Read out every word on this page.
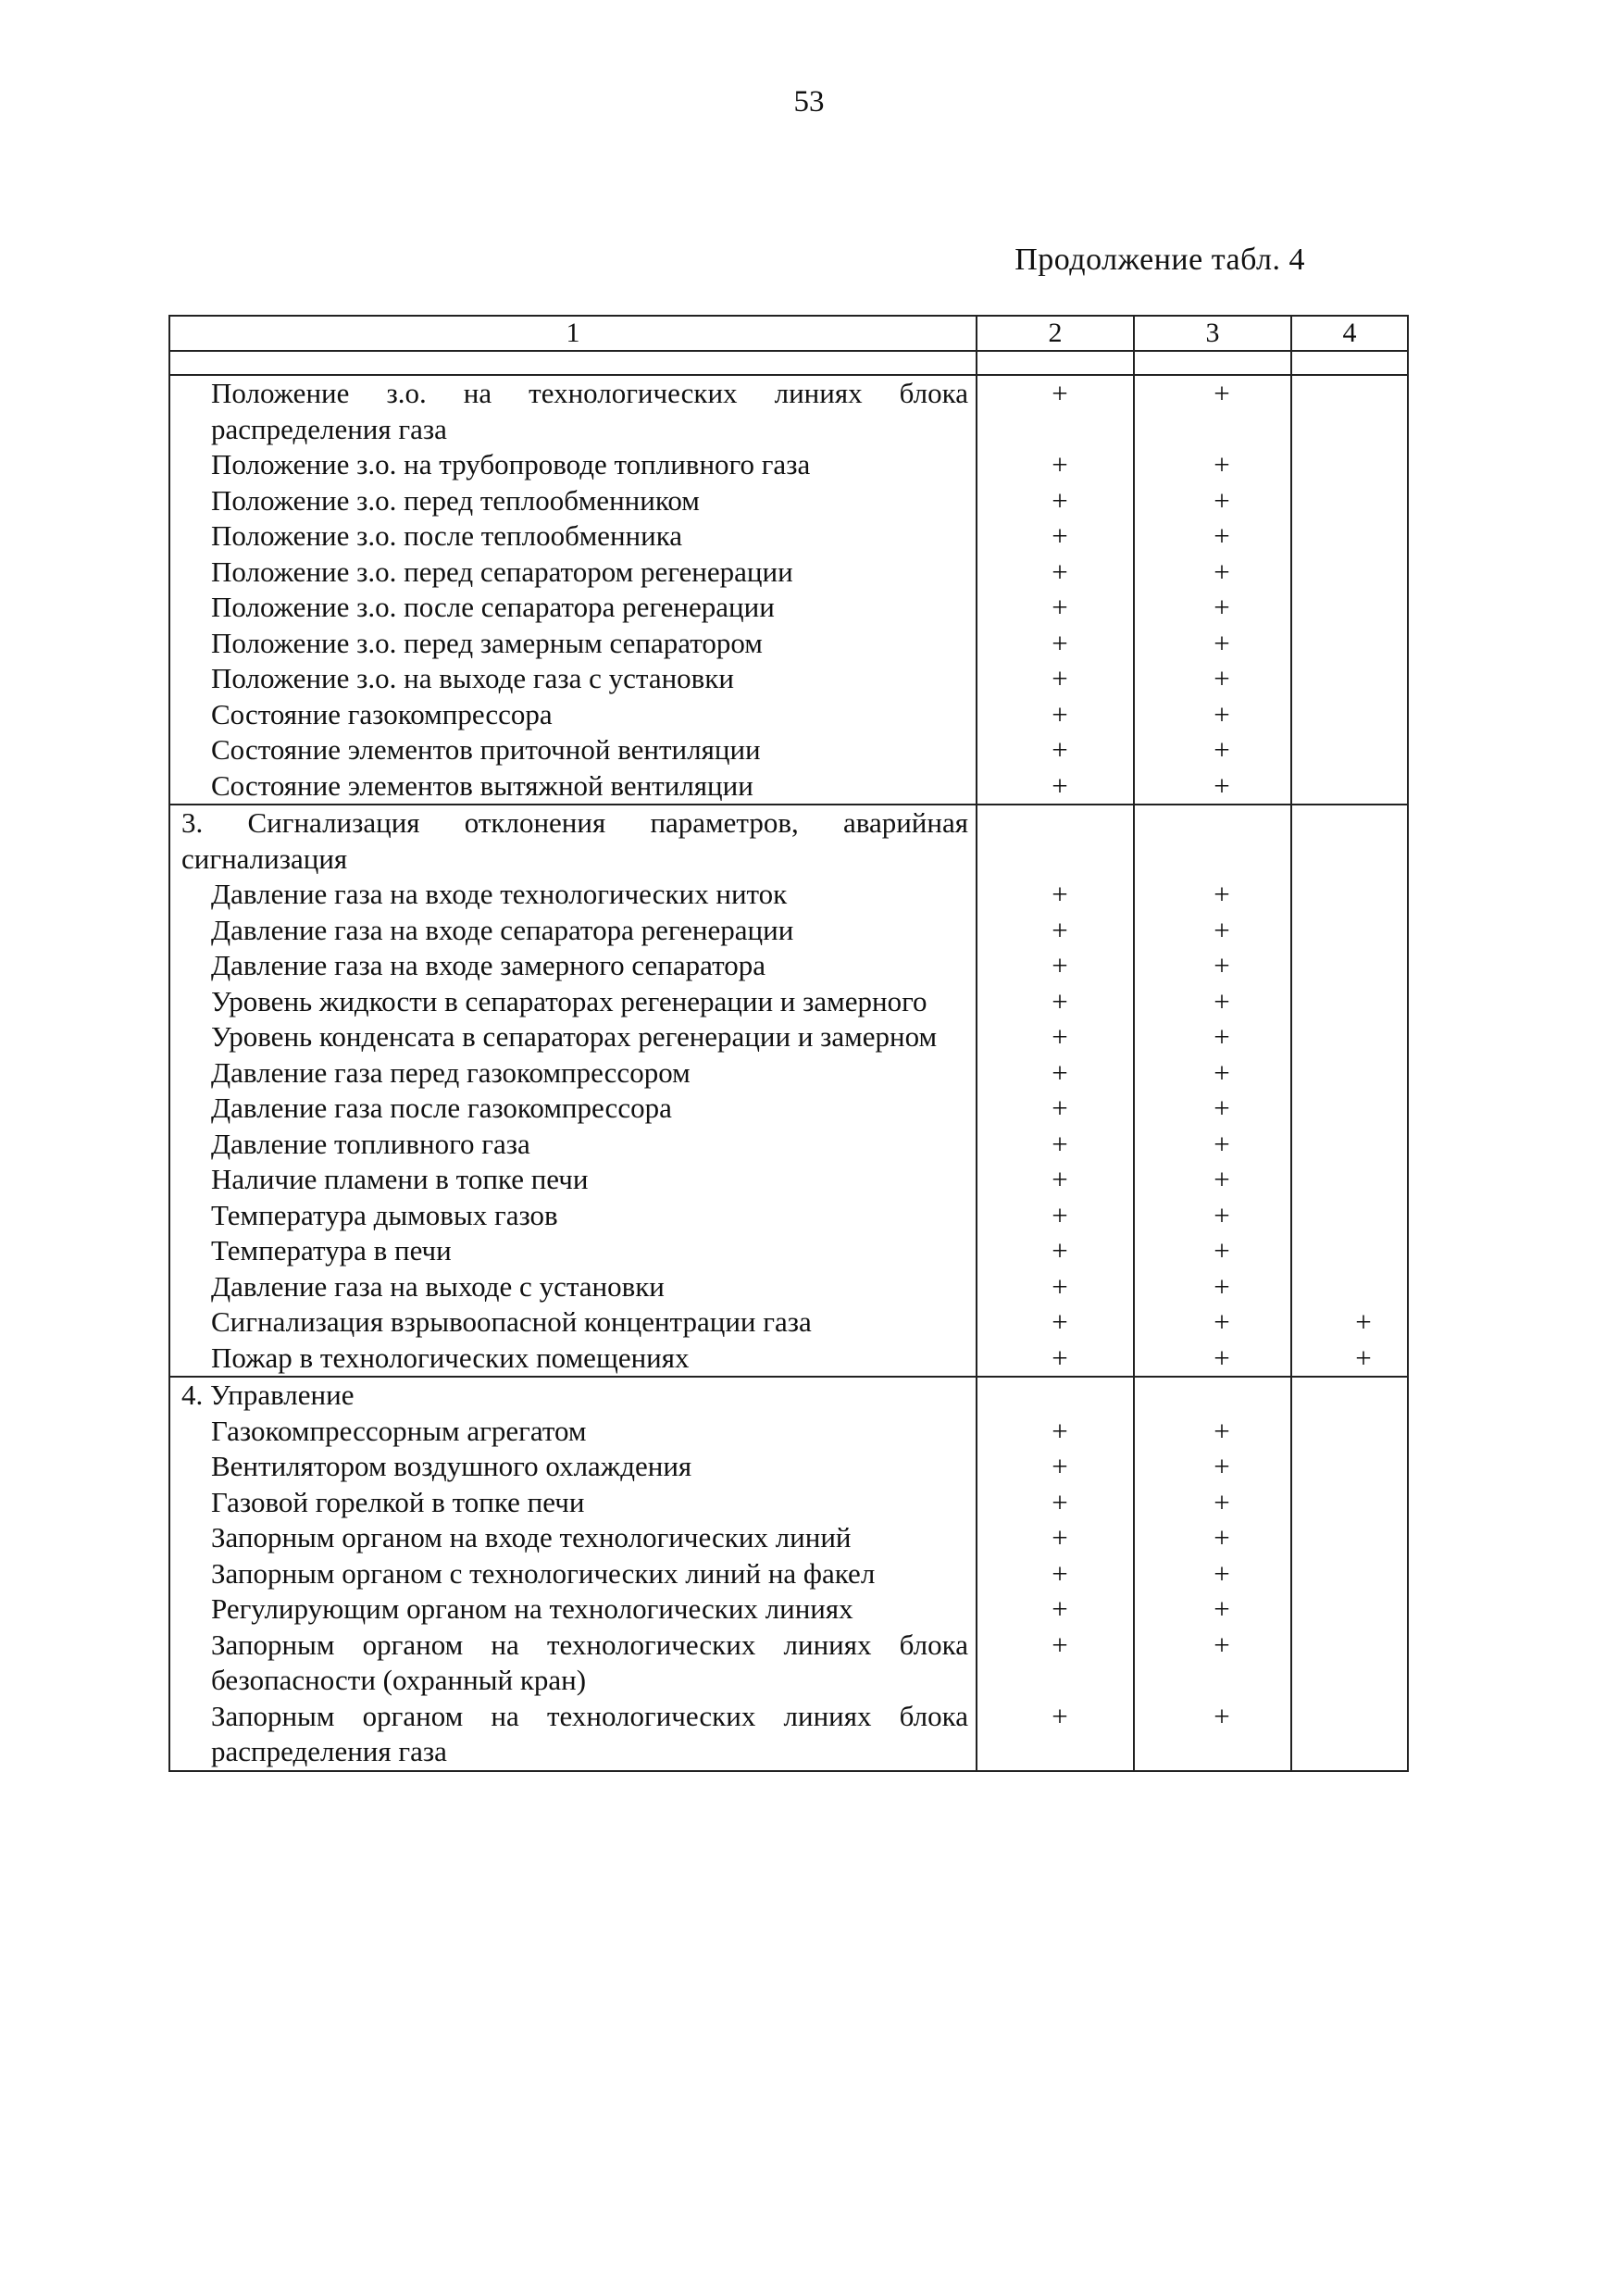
53
Продолжение табл. 4
1	2	3	4

Положение з.о. на технологических линиях блока распределения газа	+	+	
Положение з.о. на трубопроводе топливного газа	+	+	
Положение з.о. перед теплообменником	+	+	
Положение з.о. после теплообменника	+	+	
Положение з.о. перед сепаратором регенерации	+	+	
Положение з.о. после сепаратора регенерации	+	+	
Положение з.о. перед замерным сепаратором	+	+	
Положение з.о. на выходе газа с установки	+	+	
Состояние газокомпрессора	+	+	
Состояние элементов приточной вентиляции	+	+	
Состояние элементов вытяжной вентиляции	+	+	
3. Сигнализация отклонения параметров, аварийная сигнализация			
Давление газа на входе технологических ниток	+	+	
Давление газа на входе сепаратора регенерации	+	+	
Давление газа на входе замерного сепаратора	+	+	
Уровень жидкости в сепараторах регенерации и замерного	+	+	
Уровень конденсата в сепараторах регенерации и замерном	+	+	
Давление газа перед газокомпрессором	+	+	
Давление газа после газокомпрессора	+	+	
Давление топливного газа	+	+	
Наличие пламени в топке печи	+	+	
Температура дымовых газов	+	+	
Температура в печи	+	+	
Давление газа на выходе с установки	+	+	
Сигнализация взрывоопасной концентрации газа	+	+	+
Пожар в технологических помещениях	+	+	+
4. Управление			
Газокомпрессорным агрегатом	+	+	
Вентилятором воздушного охлаждения	+	+	
Газовой горелкой в топке печи	+	+	
Запорным органом на входе технологических линий	+	+	
Запорным органом с технологических линий на факел	+	+	
Регулирующим органом на технологических линиях	+	+	
Запорным органом на технологических линиях блока безопасности (охранный кран)	+	+	
Запорным органом на технологических линиях блока распределения газа	+	+	
